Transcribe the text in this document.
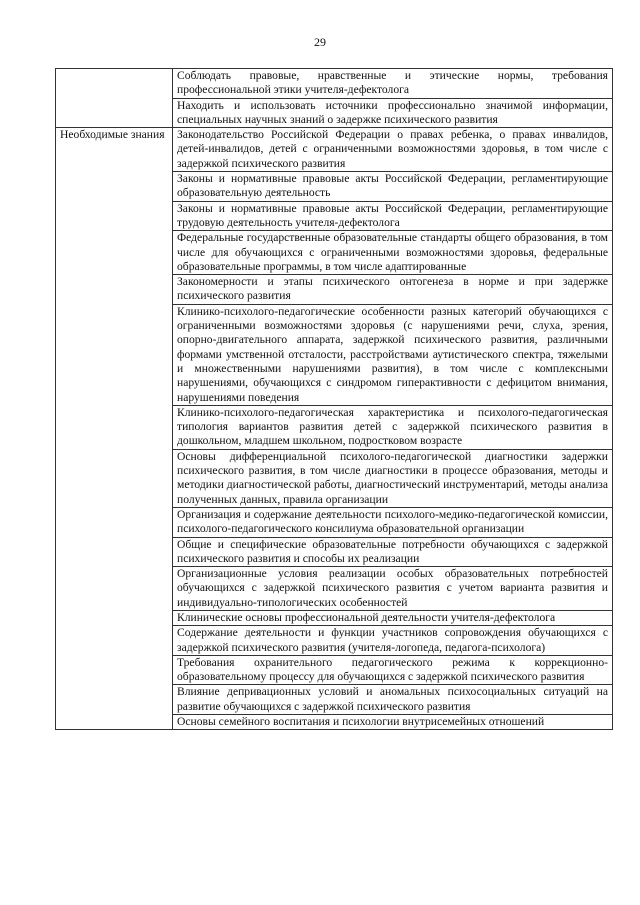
29
	Соблюдать правовые, нравственные и этические нормы, требования профессиональной этики учителя-дефектолога
	Находить и использовать источники профессионально значимой информации, специальных научных знаний о задержке психического развития
Необходимые знания	Законодательство Российской Федерации о правах ребенка, о правах инвалидов, детей-инвалидов, детей с ограниченными возможностями здоровья, в том числе с задержкой психического развития
	Законы и нормативные правовые акты Российской Федерации, регламентирующие образовательную деятельность
	Законы и нормативные правовые акты Российской Федерации, регламентирующие трудовую деятельность учителя-дефектолога
	Федеральные государственные образовательные стандарты общего образования, в том числе для обучающихся с ограниченными возможностями здоровья, федеральные образовательные программы, в том числе адаптированные
	Закономерности и этапы психического онтогенеза в норме и при задержке психического развития
	Клинико-психолого-педагогические особенности разных категорий обучающихся с ограниченными возможностями здоровья (с нарушениями речи, слуха, зрения, опорно-двигательного аппарата, задержкой психического развития, различными формами умственной отсталости, расстройствами аутистического спектра, тяжелыми и множественными нарушениями развития), в том числе с комплексными нарушениями, обучающихся с синдромом гиперактивности с дефицитом внимания, нарушениями поведения
	Клинико-психолого-педагогическая характеристика и психолого-педагогическая типология вариантов развития детей с задержкой психического развития в дошкольном, младшем школьном, подростковом возрасте
	Основы дифференциальной психолого-педагогической диагностики задержки психического развития, в том числе диагностики в процессе образования, методы и методики диагностической работы, диагностический инструментарий, методы анализа полученных данных, правила организации
	Организация и содержание деятельности психолого-медико-педагогической комиссии, психолого-педагогического консилиума образовательной организации
	Общие и специфические образовательные потребности обучающихся с задержкой психического развития и способы их реализации
	Организационные условия реализации особых образовательных потребностей обучающихся с задержкой психического развития с учетом варианта развития и индивидуально-типологических особенностей
	Клинические основы профессиональной деятельности учителя-дефектолога
	Содержание деятельности и функции участников сопровождения обучающихся с задержкой психического развития (учителя-логопеда, педагога-психолога)
	Требования охранительного педагогического режима к коррекционно-образовательному процессу для обучающихся с задержкой психического развития
	Влияние депривационных условий и аномальных психосоциальных ситуаций на развитие обучающихся с задержкой психического развития
	Основы семейного воспитания и психологии внутрисемейных отношений
